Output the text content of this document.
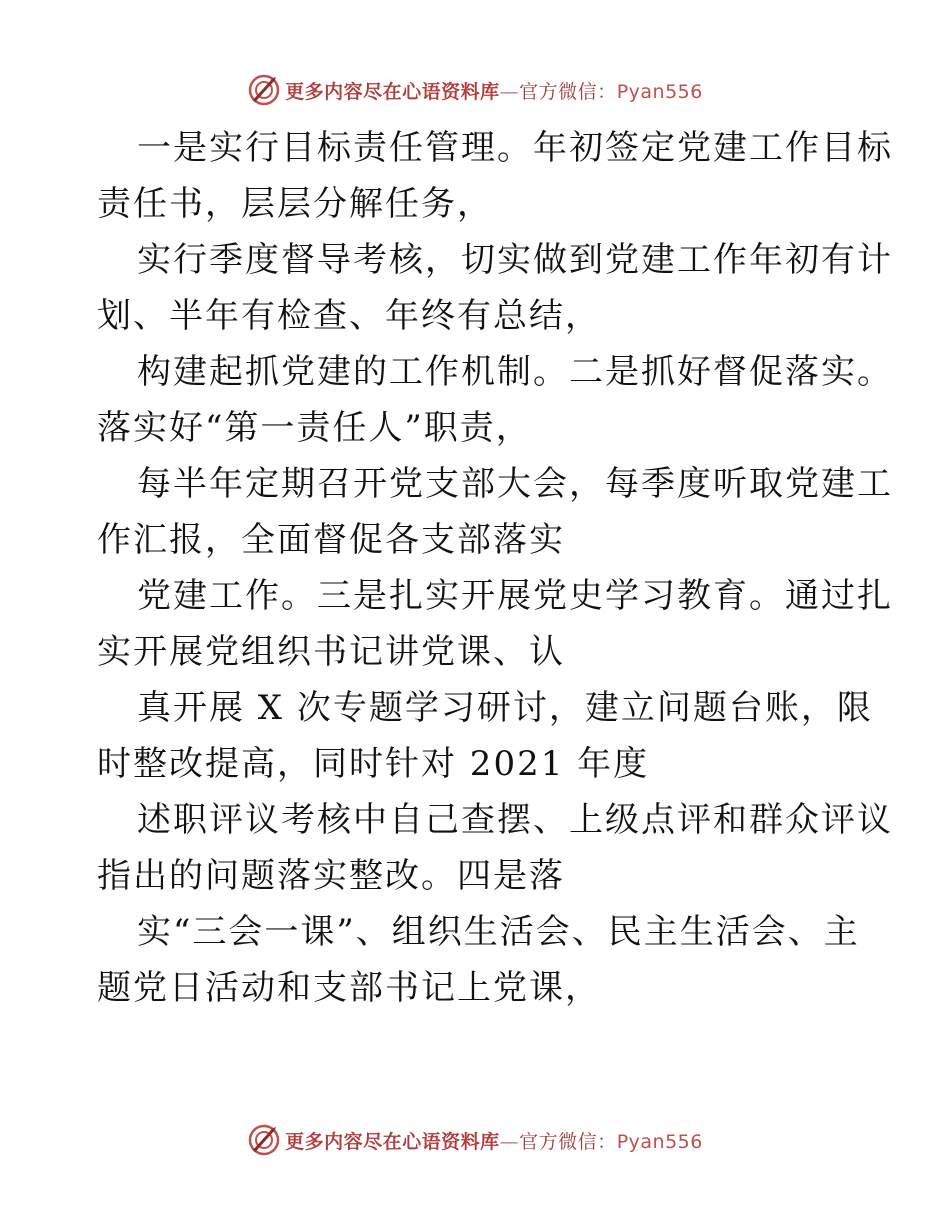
更多内容尽在心语资料库—官方微信：Pyan556

一是实行目标责任管理。年初签定党建工作目标
责任书，层层分解任务，

实行季度督导考核，切实做到党建工作年初有计
划、半年有检查、年终有总结，

构建起抓党建的工作机制。二是抓好督促落实。
落实好“第一责任人”职责，

每半年定期召开党支部大会，每季度听取党建工
作汇报，全面督促各支部落实

党建工作。三是扎实开展党史学习教育。通过扎
实开展党组织书记讲党课、认

真开展 X 次专题学习研讨，建立问题台账，限
时整改提高，同时针对 2021 年度

述职评议考核中自己查摆、上级点评和群众评议
指出的问题落实整改。四是落

实“三会一课”、组织生活会、民主生活会、主
题党日活动和支部书记上党课，

更多内容尽在心语资料库—官方微信：Pyan556
